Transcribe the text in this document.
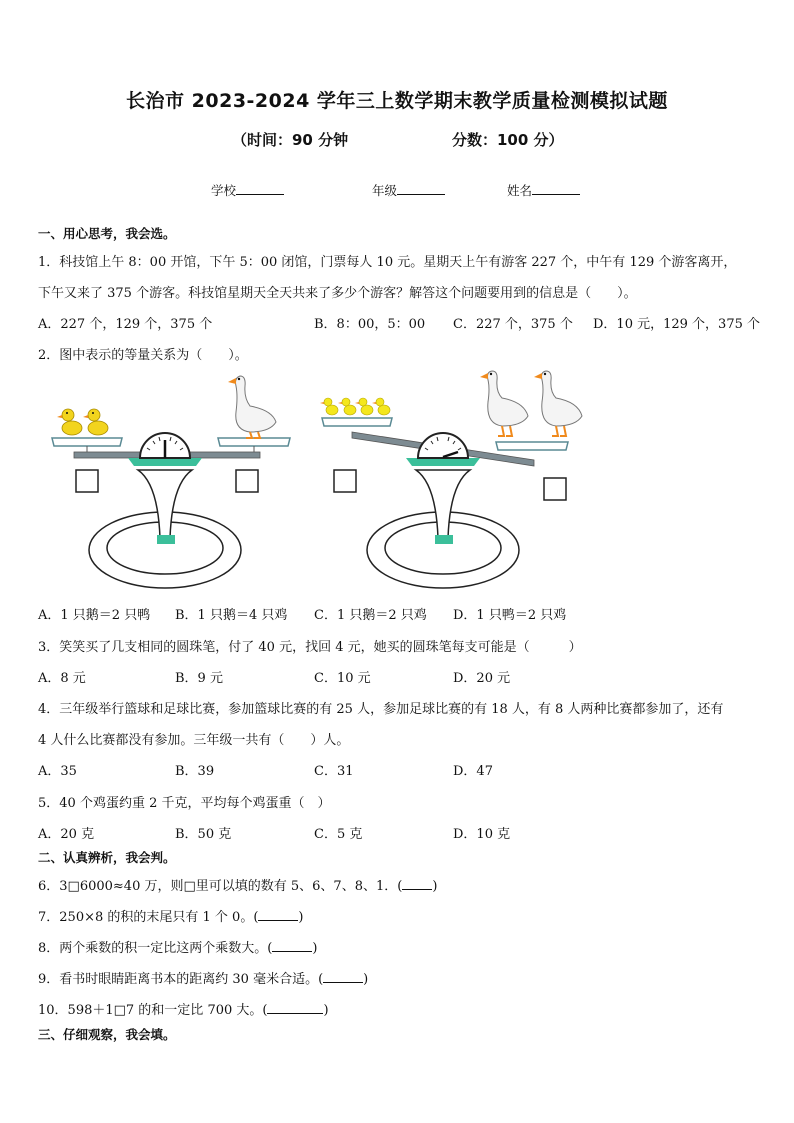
长治市 2023-2024 学年三上数学期末教学质量检测模拟试题
（时间：90 分钟	分数：100 分）
学校	年级	姓名
一、用心思考，我会选。
1．科技馆上午 8：00 开馆，下午 5：00 闭馆，门票每人 10 元。星期天上午有游客 227 个，中午有 129 个游客离开，
下午又来了 375 个游客。科技馆星期天全天共来了多少个游客？解答这个问题要用到的信息是（　　）。
A．227 个，129 个，375 个	B．8：00，5：00 C．227 个，375 个 D．10 元，129 个，375 个
2．图中表示的等量关系为（　　）。
A．1 只鹅＝2 只鸭 B．1 只鹅＝4 只鸡 C．1 只鹅＝2 只鸡 D．1 只鸭＝2 只鸡
3．笑笑买了几支相同的圆珠笔，付了 40 元，找回 4 元，她买的圆珠笔每支可能是（　　　）
A．8 元	B．9 元	C．10 元	D．20 元
4．三年级举行篮球和足球比赛，参加篮球比赛的有 25 人，参加足球比赛的有 18 人，有 8 人两种比赛都参加了，还有
4 人什么比赛都没有参加。三年级一共有（　　）人。
A．35	B．39	C．31	D．47
5．40 个鸡蛋约重 2 千克，平均每个鸡蛋重（　）
A．20 克	B．50 克	C．5 克	D．10 克
二、认真辨析，我会判。
6．3□6000≈40 万，则□里可以填的数有 5、6、7、8、1．( )
7．250×8 的积的末尾只有 1 个 0。(	)
8．两个乘数的积一定比这两个乘数大。(	)
9．看书时眼睛距离书本的距离约 30 毫米合适。(	)
10．598＋1□7 的和一定比 700 大。(	)
三、仔细观察，我会填。
